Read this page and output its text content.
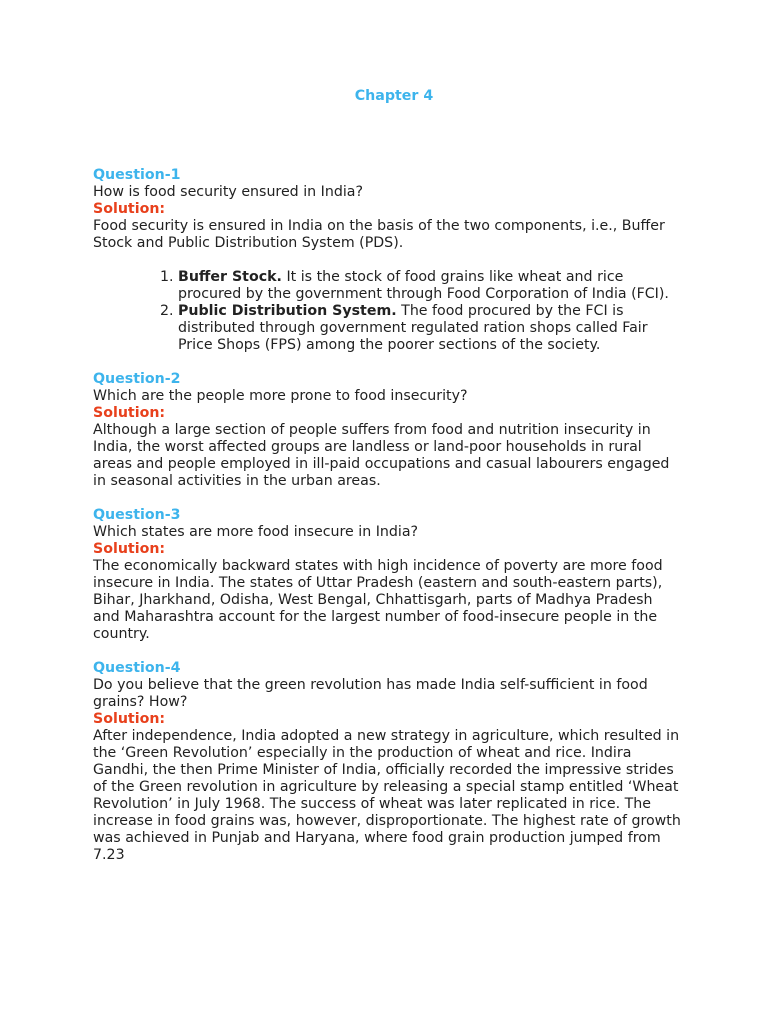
Chapter 4
Question-1
How is food security ensured in India?
Solution:
Food security is ensured in India on the basis of the two components, i.e., Buffer Stock and Public Distribution System (PDS).
1. Buffer Stock. It is the stock of food grains like wheat and rice procured by the government through Food Corporation of India (FCI).
2. Public Distribution System. The food procured by the FCI is distributed through government regulated ration shops called Fair Price Shops (FPS) among the poorer sections of the society.
Question-2
Which are the people more prone to food insecurity?
Solution:
Although a large section of people suffers from food and nutrition insecurity in India, the worst affected groups are landless or land-poor households in rural areas and people employed in ill-paid occupations and casual labourers engaged in seasonal activities in the urban areas.
Question-3
Which states are more food insecure in India?
Solution:
The economically backward states with high incidence of poverty are more food insecure in India. The states of Uttar Pradesh (eastern and south-eastern parts), Bihar, Jharkhand, Odisha, West Bengal, Chhattisgarh, parts of Madhya Pradesh and Maharashtra account for the largest number of food-insecure people in the country.
Question-4
Do you believe that the green revolution has made India self-sufficient in food grains? How?
Solution:
After independence, India adopted a new strategy in agriculture, which resulted in the ‘Green Revolution’ especially in the production of wheat and rice. Indira Gandhi, the then Prime Minister of India, officially recorded the impressive strides of the Green revolution in agriculture by releasing a special stamp entitled ‘Wheat Revolution’ in July 1968. The success of wheat was later replicated in rice. The increase in food grains was, however, disproportionate. The highest rate of growth was achieved in Punjab and Haryana, where food grain production jumped from 7.23
